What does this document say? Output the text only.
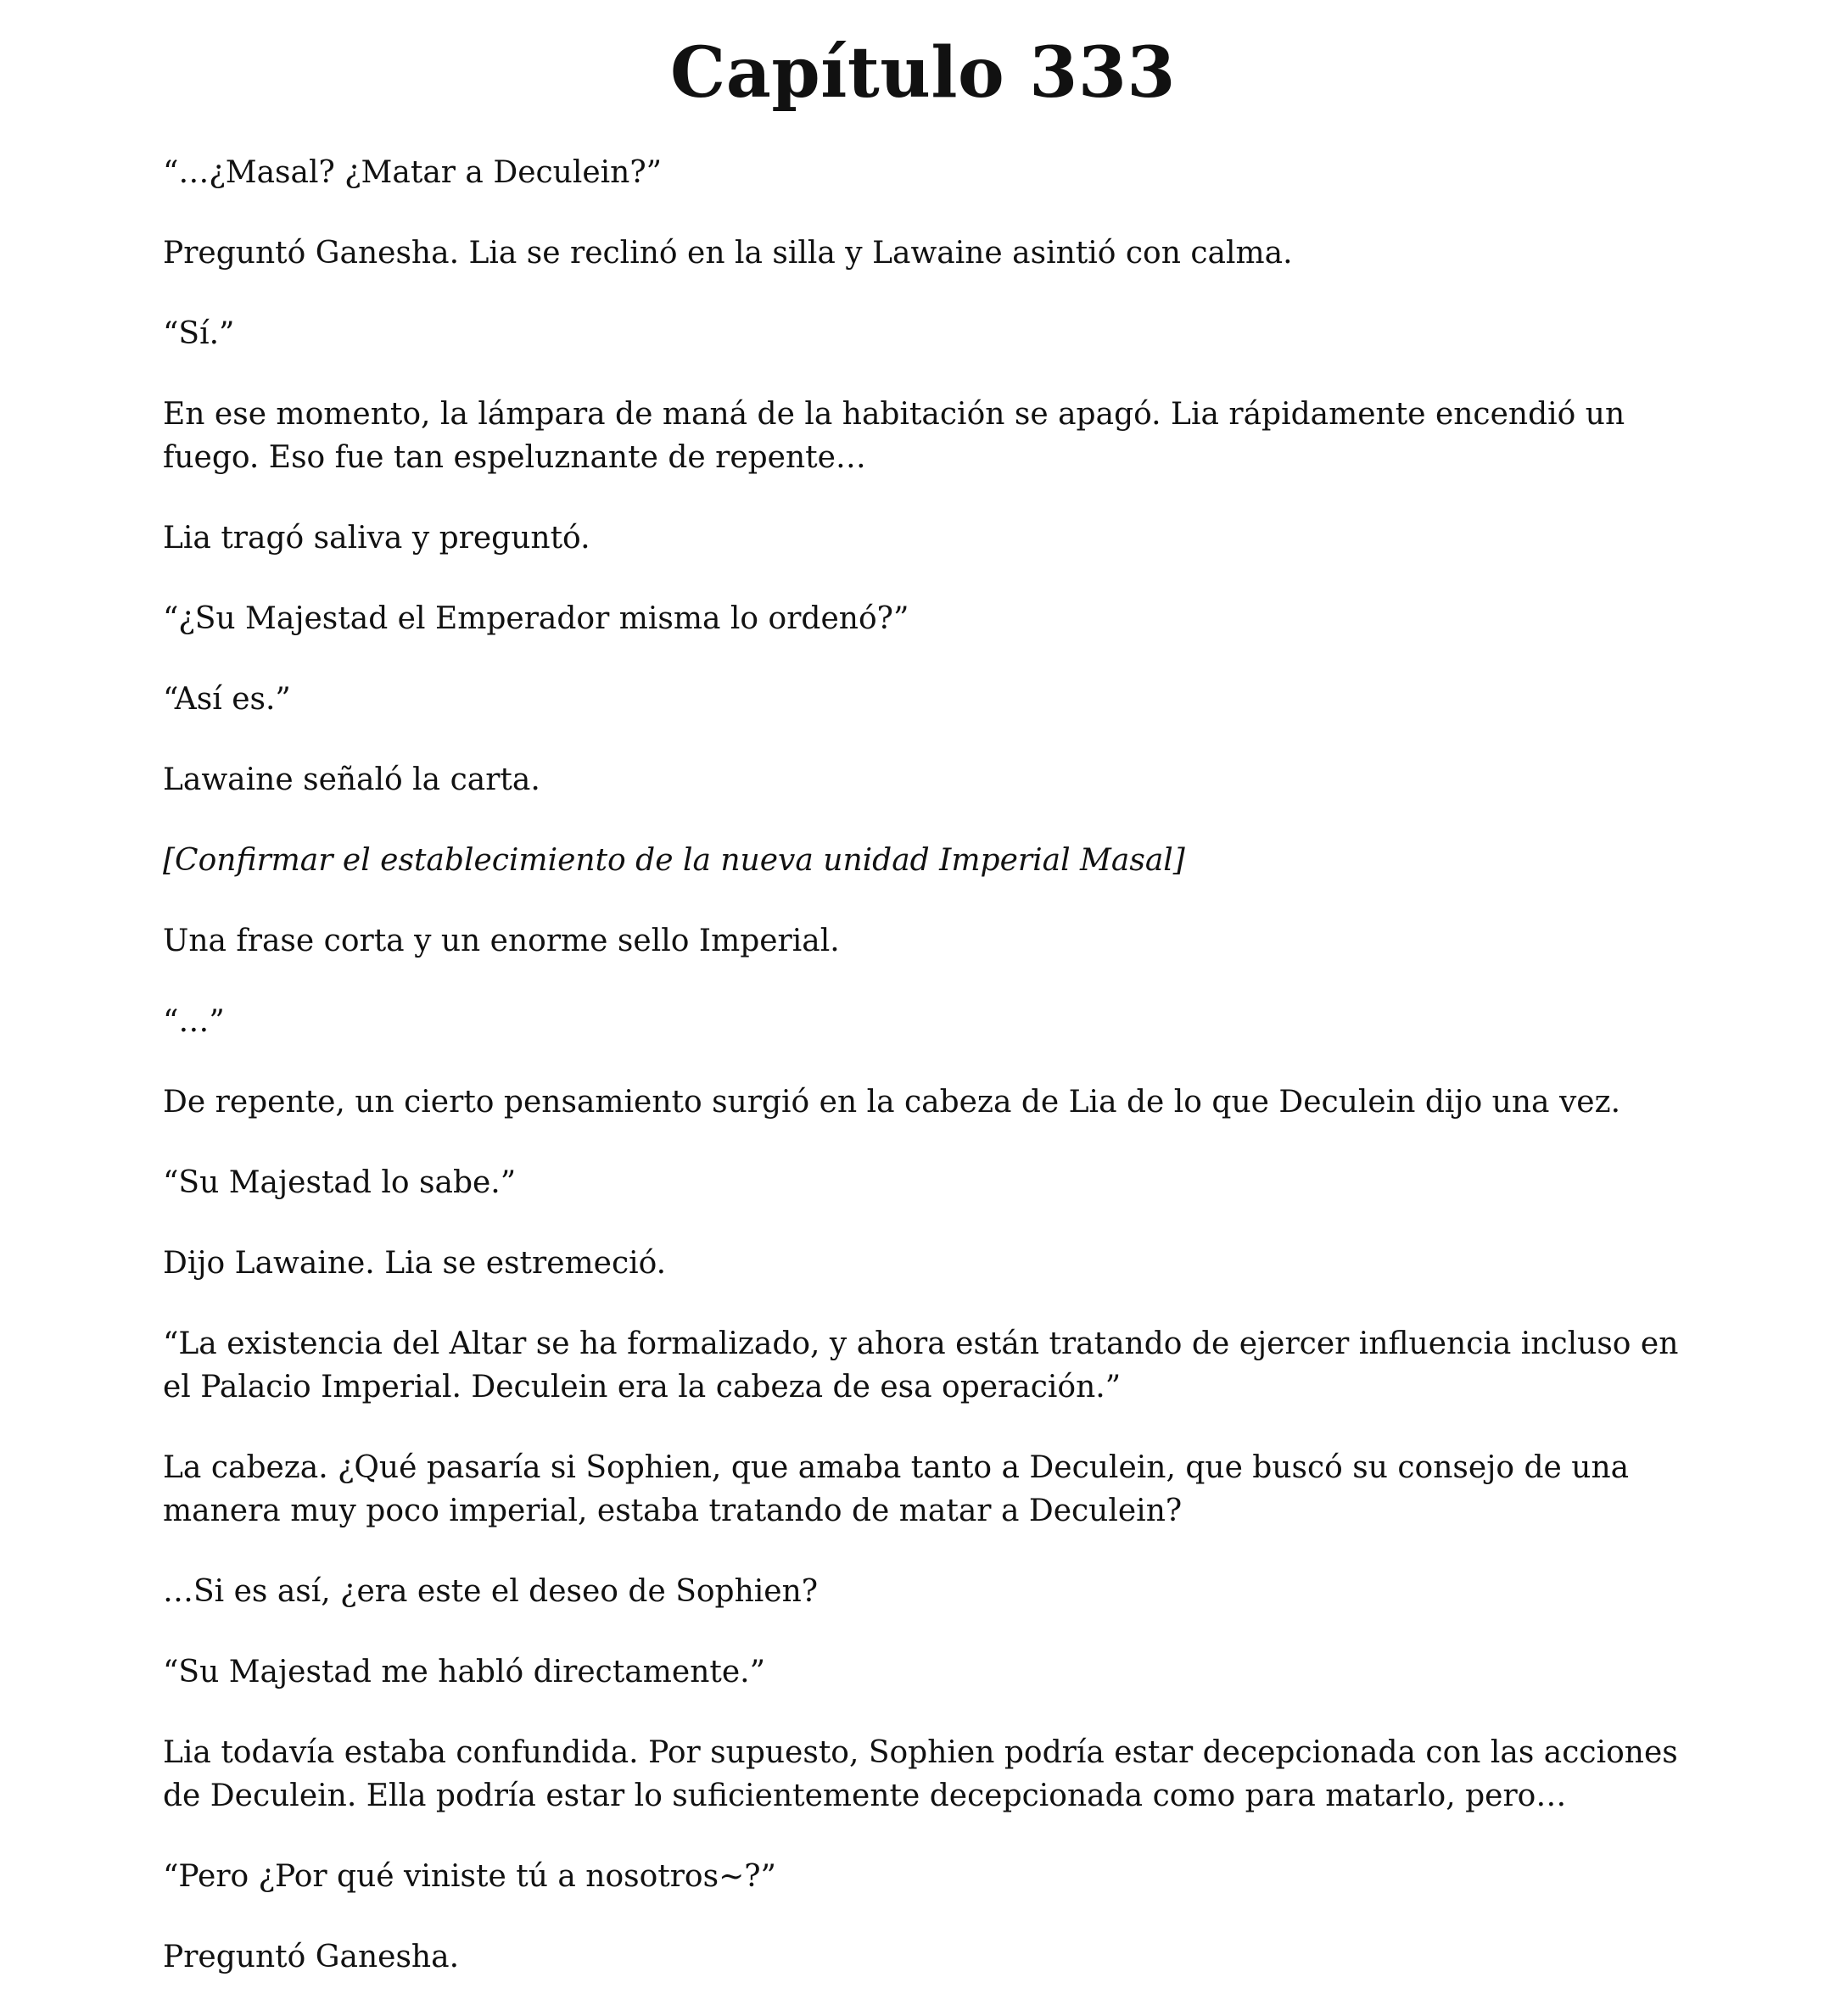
Capítulo 333

“…¿Masal? ¿Matar a Deculein?”

Preguntó Ganesha. Lia se reclinó en la silla y Lawaine asintió con calma.

“Sí.”

En ese momento, la lámpara de maná de la habitación se apagó. Lia rápidamente encendió un fuego. Eso fue tan espeluznante de repente…

Lia tragó saliva y preguntó.

“¿Su Majestad el Emperador misma lo ordenó?”

“Así es.”

Lawaine señaló la carta.

[Confirmar el establecimiento de la nueva unidad Imperial Masal]

Una frase corta y un enorme sello Imperial.

“…”

De repente, un cierto pensamiento surgió en la cabeza de Lia de lo que Deculein dijo una vez.

“Su Majestad lo sabe.”

Dijo Lawaine. Lia se estremeció.

“La existencia del Altar se ha formalizado, y ahora están tratando de ejercer influencia incluso en el Palacio Imperial. Deculein era la cabeza de esa operación.”

La cabeza. ¿Qué pasaría si Sophien, que amaba tanto a Deculein, que buscó su consejo de una manera muy poco imperial, estaba tratando de matar a Deculein?

…Si es así, ¿era este el deseo de Sophien?

“Su Majestad me habló directamente.”

Lia todavía estaba confundida. Por supuesto, Sophien podría estar decepcionada con las acciones de Deculein. Ella podría estar lo suficientemente decepcionada como para matarlo, pero…

“Pero ¿Por qué viniste tú a nosotros~?”

Preguntó Ganesha.
